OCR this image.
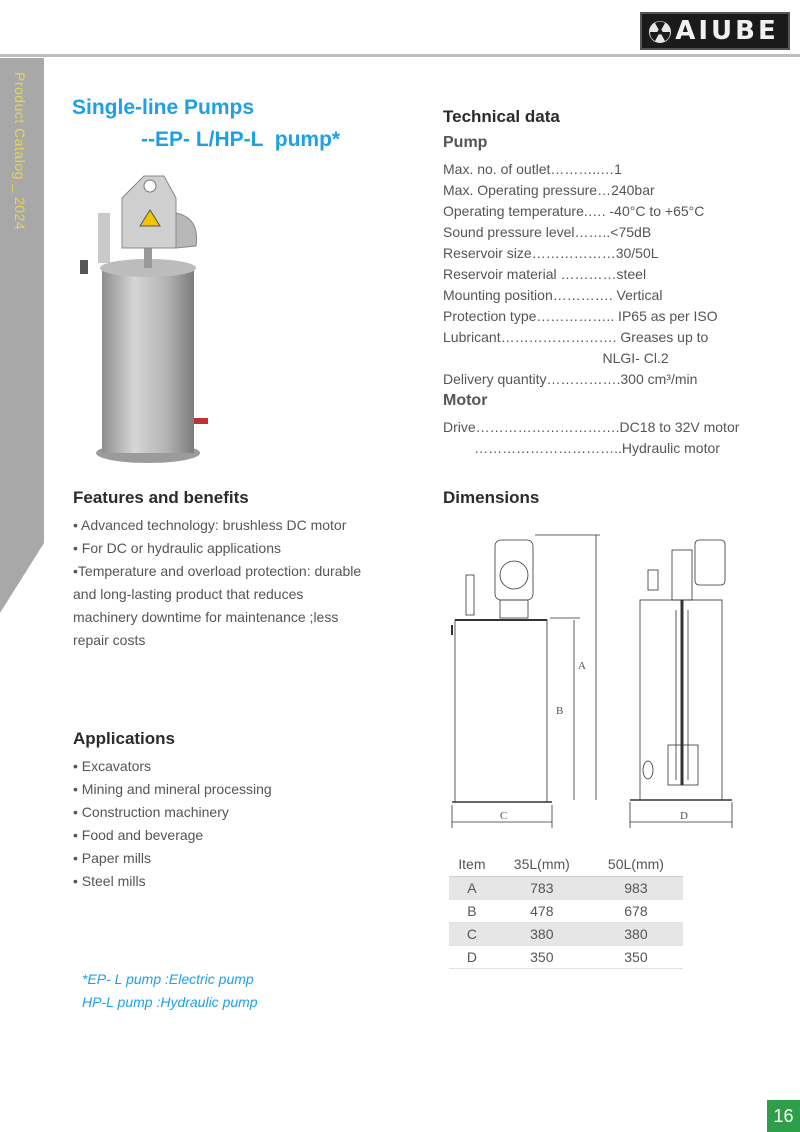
AIUBE
Product Catalog _ 2024 Single-line Pumps
--EP- L/HP-L  pump*
Features and benefits
• Advanced technology: brushless DC motor
• For DC or hydraulic applications
•Temperature and overload protection: durable
and long-lasting product that reduces
machinery downtime for maintenance ;less
repair costs
Applications
• Excavators
• Mining and mineral processing
• Construction machinery
• Food and beverage
• Paper mills
• Steel mills
*EP- L pump :Electric pump
HP-L pump :Hydraulic pump
Technical data
Pump
Max. no. of outlet………..…1
Max. Operating pressure…240bar
Operating temperature.…. -40°C to +65°C
Sound pressure level……..<75dB
Reservoir size………………30/50L
Reservoir material …………steel
Mounting position…………. Vertical
Protection type…………….. IP65 as per ISO
Lubricant……………………. Greases up to
NLGI- Cl.2
Delivery quantity…………….300 cm³/min
Motor
Drive………………………….DC18 to 32V motor
…………………………..Hydraulic motor
Dimensions
A
B
C	D
Item	35L(mm)	50L(mm)
A	783	983
B	478	678
C	380	380
D	350	350
16
